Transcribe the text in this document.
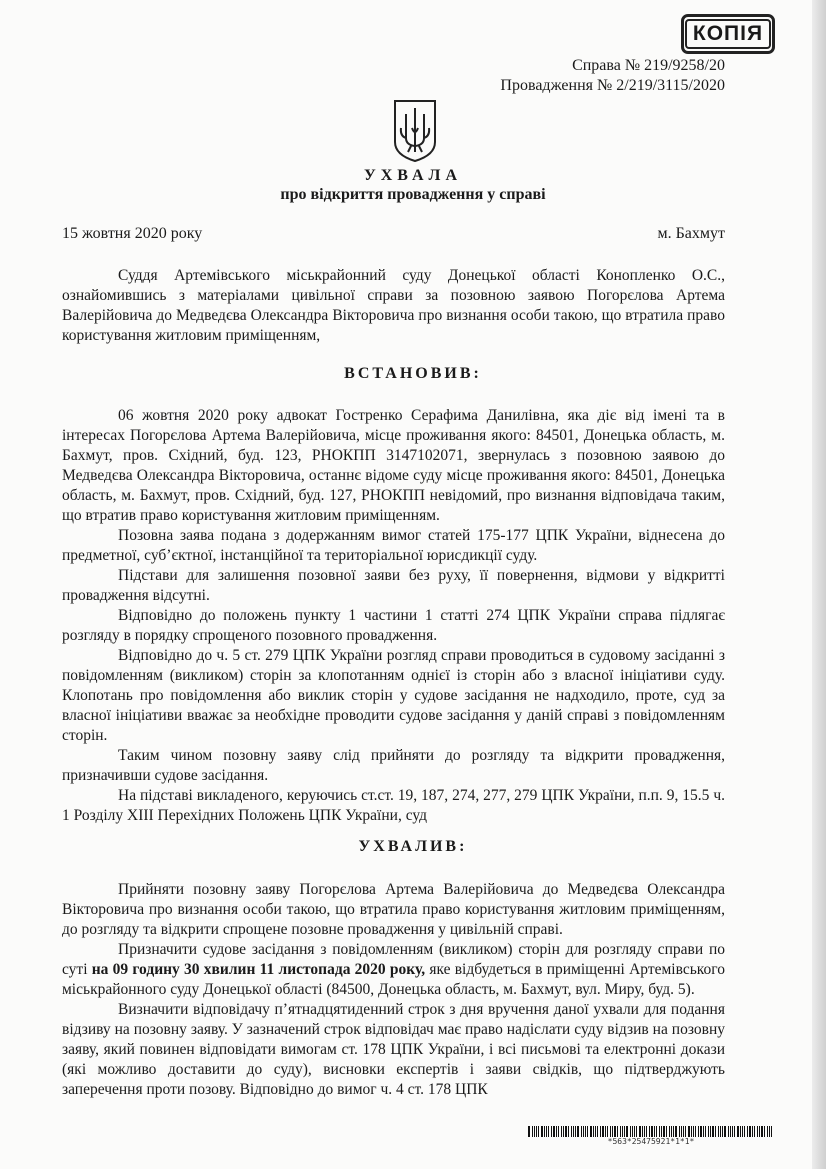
КОПІЯ
Справа № 219/9258/20
Провадження № 2/219/3115/2020
УХВАЛА
про відкриття провадження у справі
15 жовтня 2020 року	м. Бахмут

Суддя Артемівського міськрайонний суду Донецької області Конопленко О.С., ознайомившись з матеріалами цивільної справи за позовною заявою Погорєлова Артема Валерійовича до Медведєва Олександра Вікторовича про визнання особи такою, що втратила право користування житловим приміщенням,

ВСТАНОВИВ:

06 жовтня 2020 року адвокат Гостренко Серафима Данилівна, яка діє від імені та в інтересах Погорєлова Артема Валерійовича, місце проживання якого: 84501, Донецька область, м. Бахмут, пров. Східний, буд. 123, РНОКПП 3147102071, звернулась з позовною заявою до Медведєва Олександра Вікторовича, останнє відоме суду місце проживання якого: 84501, Донецька область, м. Бахмут, пров. Східний, буд. 127, РНОКПП невідомий, про визнання відповідача таким, що втратив право користування житловим приміщенням.

Позовна заява подана з додержанням вимог статей 175-177 ЦПК України, віднесена до предметної, суб’єктної, інстанційної та територіальної юрисдикції суду.

Підстави для залишення позовної заяви без руху, її повернення, відмови у відкритті провадження відсутні.

Відповідно до положень пункту 1 частини 1 статті 274 ЦПК України справа підлягає розгляду в порядку спрощеного позовного провадження.

Відповідно до ч. 5 ст. 279 ЦПК України розгляд справи проводиться в судовому засіданні з повідомленням (викликом) сторін за клопотанням однієї із сторін або з власної ініціативи суду. Клопотань про повідомлення або виклик сторін у судове засідання не надходило, проте, суд за власної ініціативи вважає за необхідне проводити судове засідання у даній справі з повідомленням сторін.

Таким чином позовну заяву слід прийняти до розгляду та відкрити провадження, призначивши судове засідання.

На підставі викладеного, керуючись ст.ст. 19, 187, 274, 277, 279 ЦПК України, п.п. 9, 15.5 ч. 1 Розділу XIII Перехідних Положень ЦПК України, суд

УХВАЛИВ:

Прийняти позовну заяву Погорєлова Артема Валерійовича до Медведєва Олександра Вікторовича про визнання особи такою, що втратила право користування житловим приміщенням, до розгляду та відкрити спрощене позовне провадження у цивільній справі.

Призначити судове засідання з повідомленням (викликом) сторін для розгляду справи по суті на 09 годину 30 хвилин 11 листопада 2020 року, яке відбудеться в приміщенні Артемівського міськрайонного суду Донецької області (84500, Донецька область, м. Бахмут, вул. Миру, буд. 5).

Визначити відповідачу п’ятнадцятиденний строк з дня вручення даної ухвали для подання відзиву на позовну заяву. У зазначений строк відповідач має право надіслати суду відзив на позовну заяву, який повинен відповідати вимогам ст. 178 ЦПК України, і всі письмові та електронні докази (які можливо доставити до суду), висновки експертів і заяви свідків, що підтверджують заперечення проти позову. Відповідно до вимог ч. 4 ст. 178 ЦПК

*563*25475921*1*1*
